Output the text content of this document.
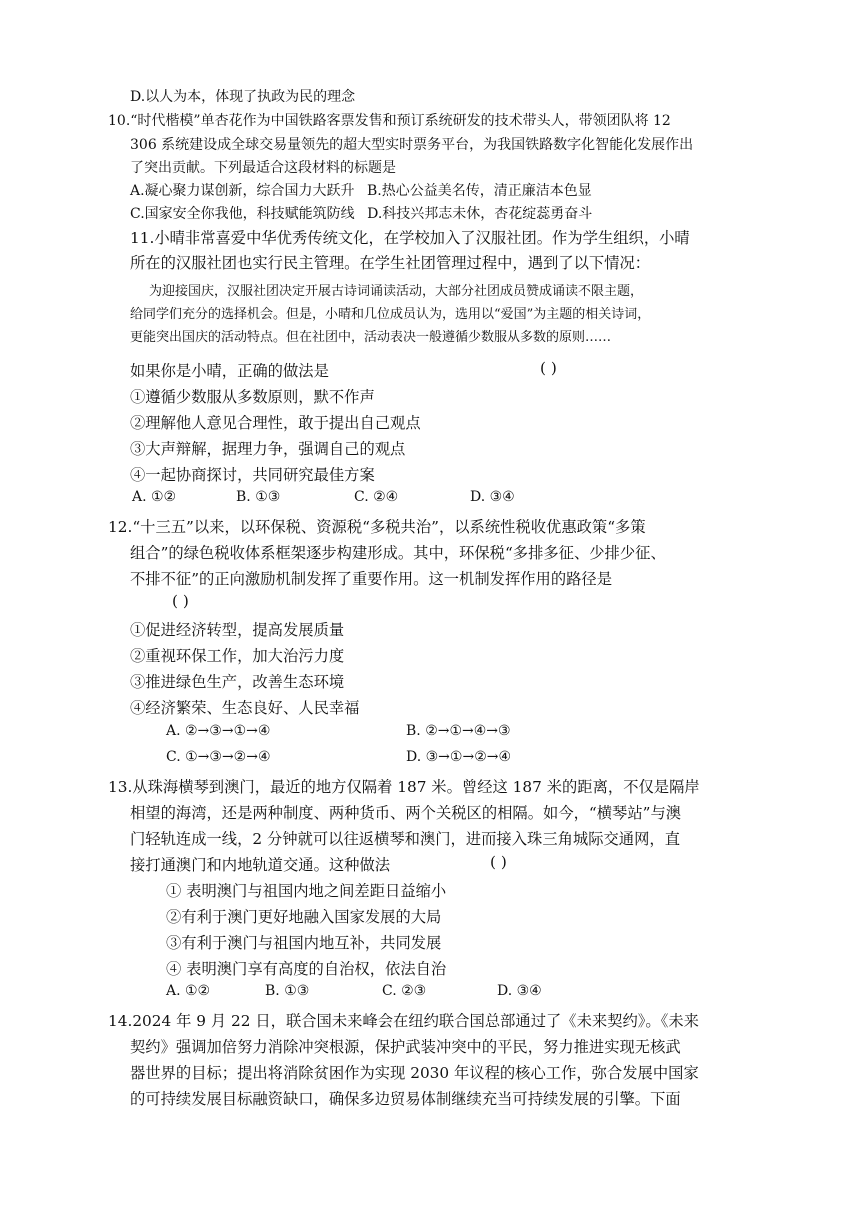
D.以人为本，体现了执政为民的理念
10.“时代楷模”单杏花作为中国铁路客票发售和预订系统研发的技术带头人，带领团队将 12
306 系统建设成全球交易量领先的超大型实时票务平台，为我国铁路数字化智能化发展作出
了突出贡献。下列最适合这段材料的标题是
A.凝心聚力谋创新，综合国力大跃升 B.热心公益美名传，清正廉洁本色显
C.国家安全你我他，科技赋能筑防线 D.科技兴邦志未休，杏花绽蕊勇奋斗
11.小晴非常喜爱中华优秀传统文化，在学校加入了汉服社团。作为学生组织，小晴
所在的汉服社团也实行民主管理。在学生社团管理过程中，遇到了以下情况：
为迎接国庆，汉服社团决定开展古诗词诵读活动，大部分社团成员赞成诵读不限主题，
给同学们充分的选择机会。但是，小晴和几位成员认为，选用以“爱国”为主题的相关诗词，
更能突出国庆的活动特点。但在社团中，活动表决一般遵循少数服从多数的原则……
如果你是小晴，正确的做法是	( )
①遵循少数服从多数原则，默不作声
②理解他人意见合理性，敢于提出自己观点
③大声辩解，据理力争，强调自己的观点
④一起协商探讨，共同研究最佳方案
A. ①②	B. ①③	C. ②④	D. ③④
12.“十三五”以来，以环保税、资源税“多税共治”，以系统性税收优惠政策“多策
组合”的绿色税收体系框架逐步构建形成。其中，环保税“多排多征、少排少征、
不排不征”的正向激励机制发挥了重要作用。这一机制发挥作用的路径是
( )
①促进经济转型，提高发展质量
②重视环保工作，加大治污力度
③推进绿色生产，改善生态环境
④经济繁荣、生态良好、人民幸福
A. ②→③→①→④	B. ②→①→④→③
C. ①→③→②→④	D. ③→①→②→④
13.从珠海横琴到澳门，最近的地方仅隔着 187 米。曾经这 187 米的距离，不仅是隔岸
相望的海湾，还是两种制度、两种货币、两个关税区的相隔。如今，“横琴站”与澳
门轻轨连成一线，2 分钟就可以往返横琴和澳门，进而接入珠三角城际交通网，直
接打通澳门和内地轨道交通。这种做法	( )
① 表明澳门与祖国内地之间差距日益缩小
②有利于澳门更好地融入国家发展的大局
③有利于澳门与祖国内地互补，共同发展
④ 表明澳门享有高度的自治权，依法自治
A. ①②	B. ①③	C. ②③	D. ③④
14.2024 年 9 月 22 日，联合国未来峰会在纽约联合国总部通过了《未来契约》。《未来
契约》强调加倍努力消除冲突根源，保护武装冲突中的平民，努力推进实现无核武
器世界的目标；提出将消除贫困作为实现 2030 年议程的核心工作，弥合发展中国家
的可持续发展目标融资缺口，确保多边贸易体制继续充当可持续发展的引擎。下面
